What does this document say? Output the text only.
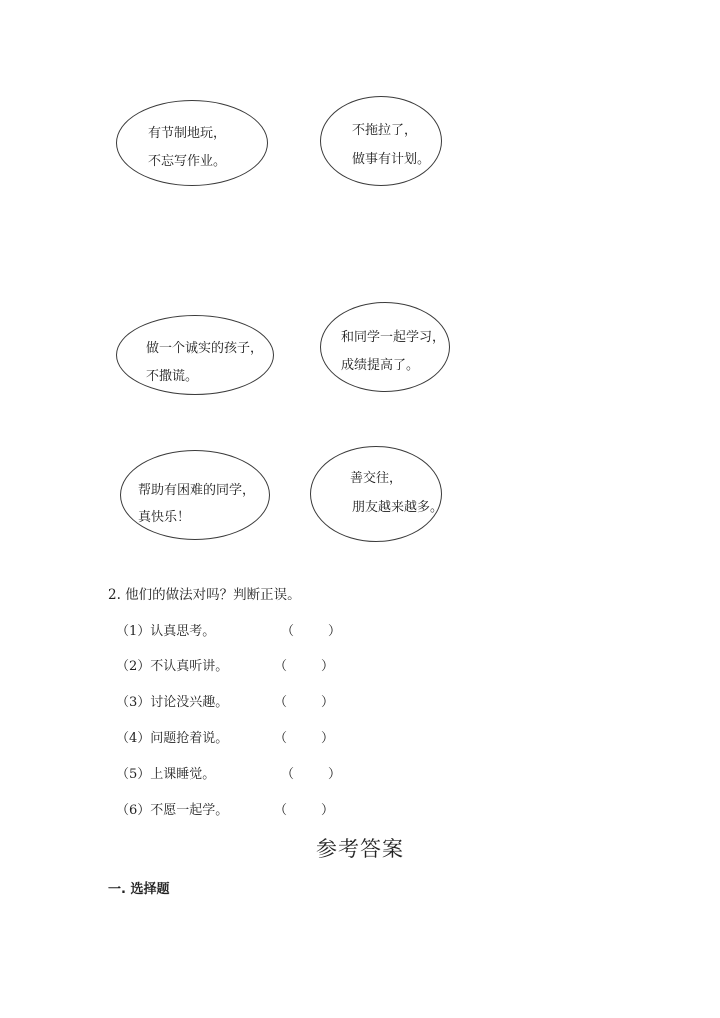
有节制地玩，
不忘写作业。
不拖拉了，
做事有计划。
做一个诚实的孩子，
不撒谎。
和同学一起学习，
成绩提高了。
帮助有困难的同学，
真快乐！
善交往，
朋友越来越多。
2. 他们的做法对吗？判断正误。
（1）认真思考。	（	）
（2）不认真听讲。	（	）
（3）讨论没兴趣。	（	）
（4）问题抢着说。	（	）
（5）上课睡觉。	（	）
（6）不愿一起学。	（	）
参考答案
一. 选择题
